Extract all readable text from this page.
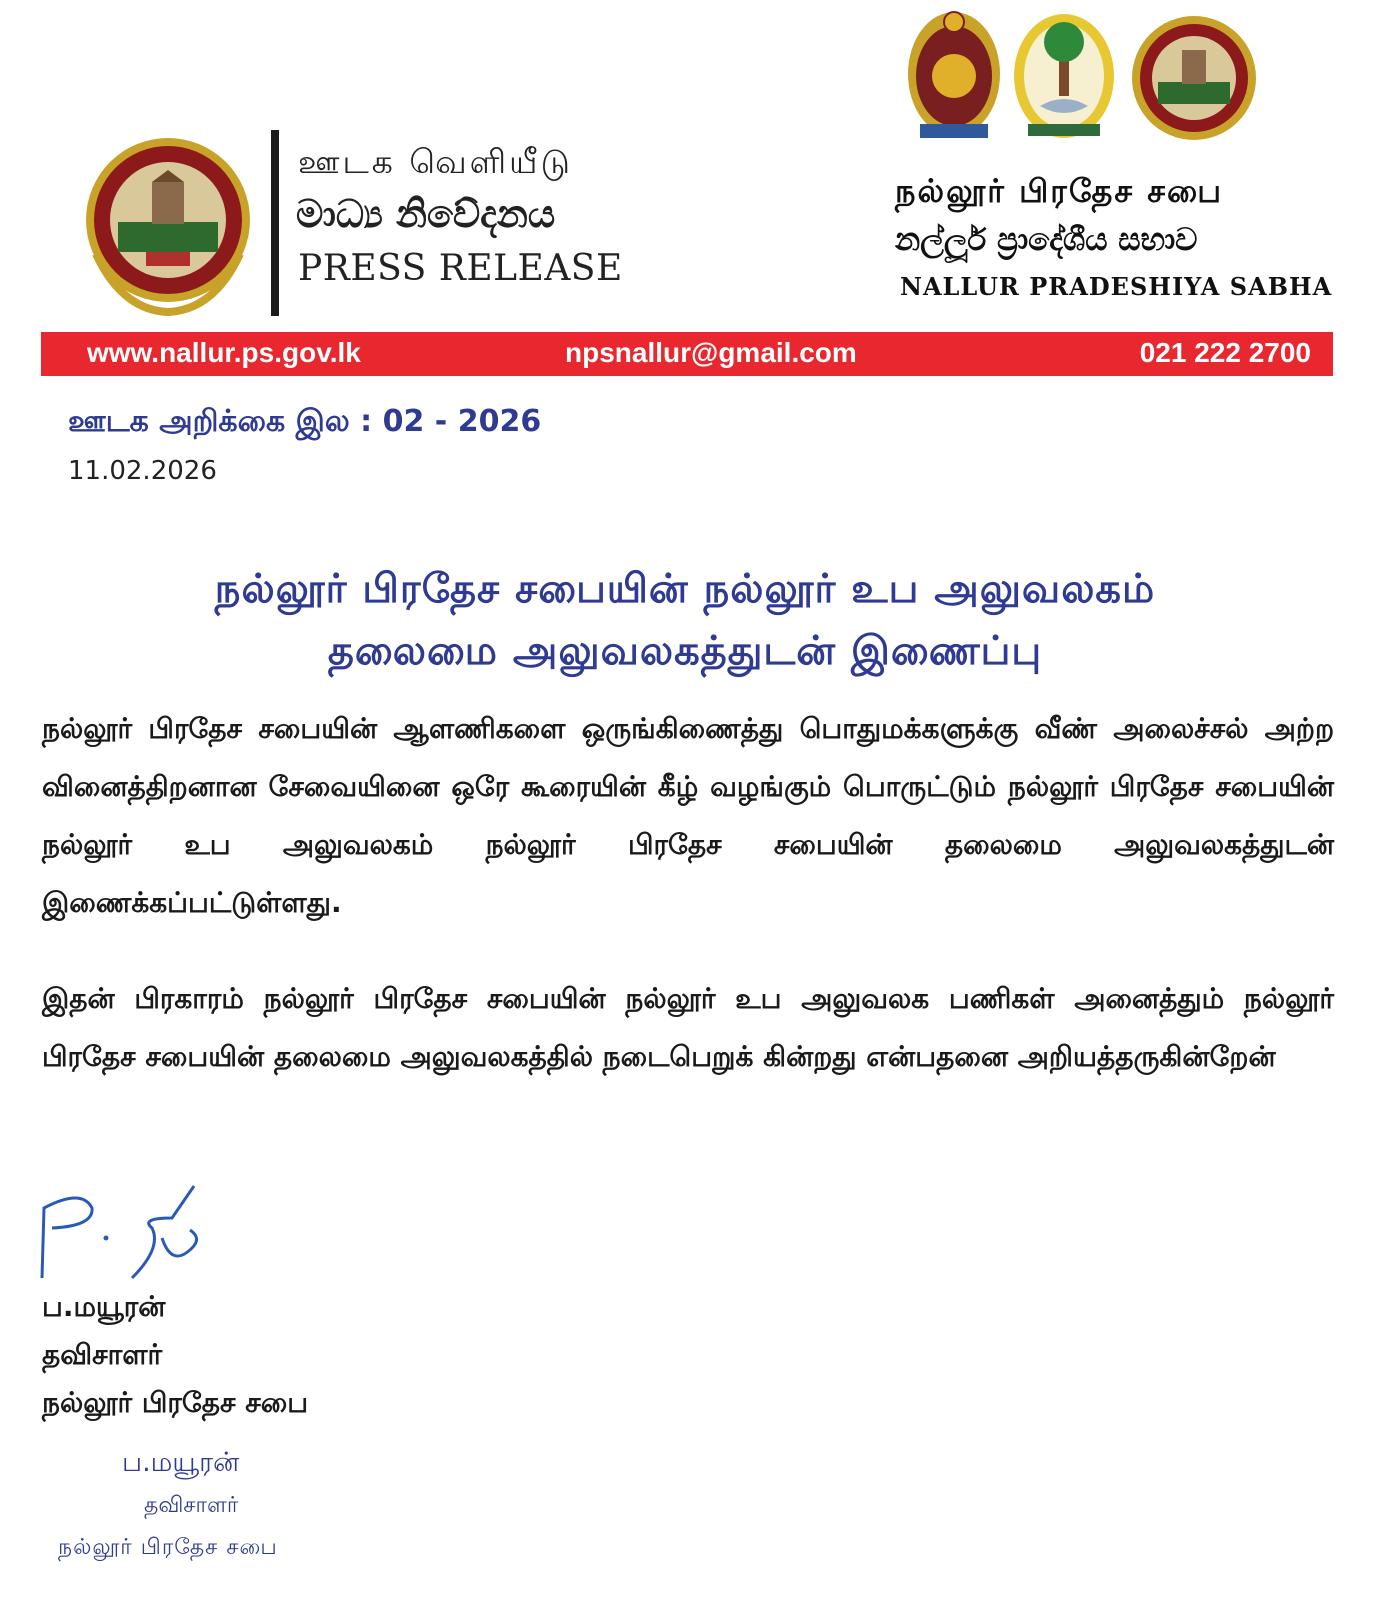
ஊடக வெளியீடு
මාධ්‍ය නිවේදනය
PRESS RELEASE
நல்லூர் பிரதேச சபை
නල්ලූර් ප්‍රාදේශීය සභාව
NALLUR PRADESHIYA SABHA
www.nallur.ps.gov.lk	npsnallur@gmail.com	021 222 2700
ஊடக அறிக்கை இல : 02 - 2026
11.02.2026
நல்லூர் பிரதேச சபையின் நல்லூர் உப அலுவலகம்
தலைமை அலுவலகத்துடன் இணைப்பு
நல்லூர் பிரதேச சபையின் ஆளணிகளை ஒருங்கிணைத்து பொதுமக்களுக்கு வீண் அலைச்சல் அற்ற வினைத்திறனான சேவையினை ஒரே கூரையின் கீழ் வழங்கும் பொருட்டும் நல்லூர் பிரதேச சபையின் நல்லூர் உப அலுவலகம் நல்லூர் பிரதேச சபையின் தலைமை அலுவலகத்துடன் இணைக்கப்பட்டுள்ளது.
இதன் பிரகாரம் நல்லூர் பிரதேச சபையின் நல்லூர் உப அலுவலக பணிகள் அனைத்தும் நல்லூர் பிரதேச சபையின் தலைமை அலுவலகத்தில் நடைபெறுக் கின்றது என்பதனை அறியத்தருகின்றேன்
ப.மயூரன்
தவிசாளர்
நல்லூர் பிரதேச சபை
ப.மயூரன்
தவிசாளர்
நல்லூர் பிரதேச சபை
